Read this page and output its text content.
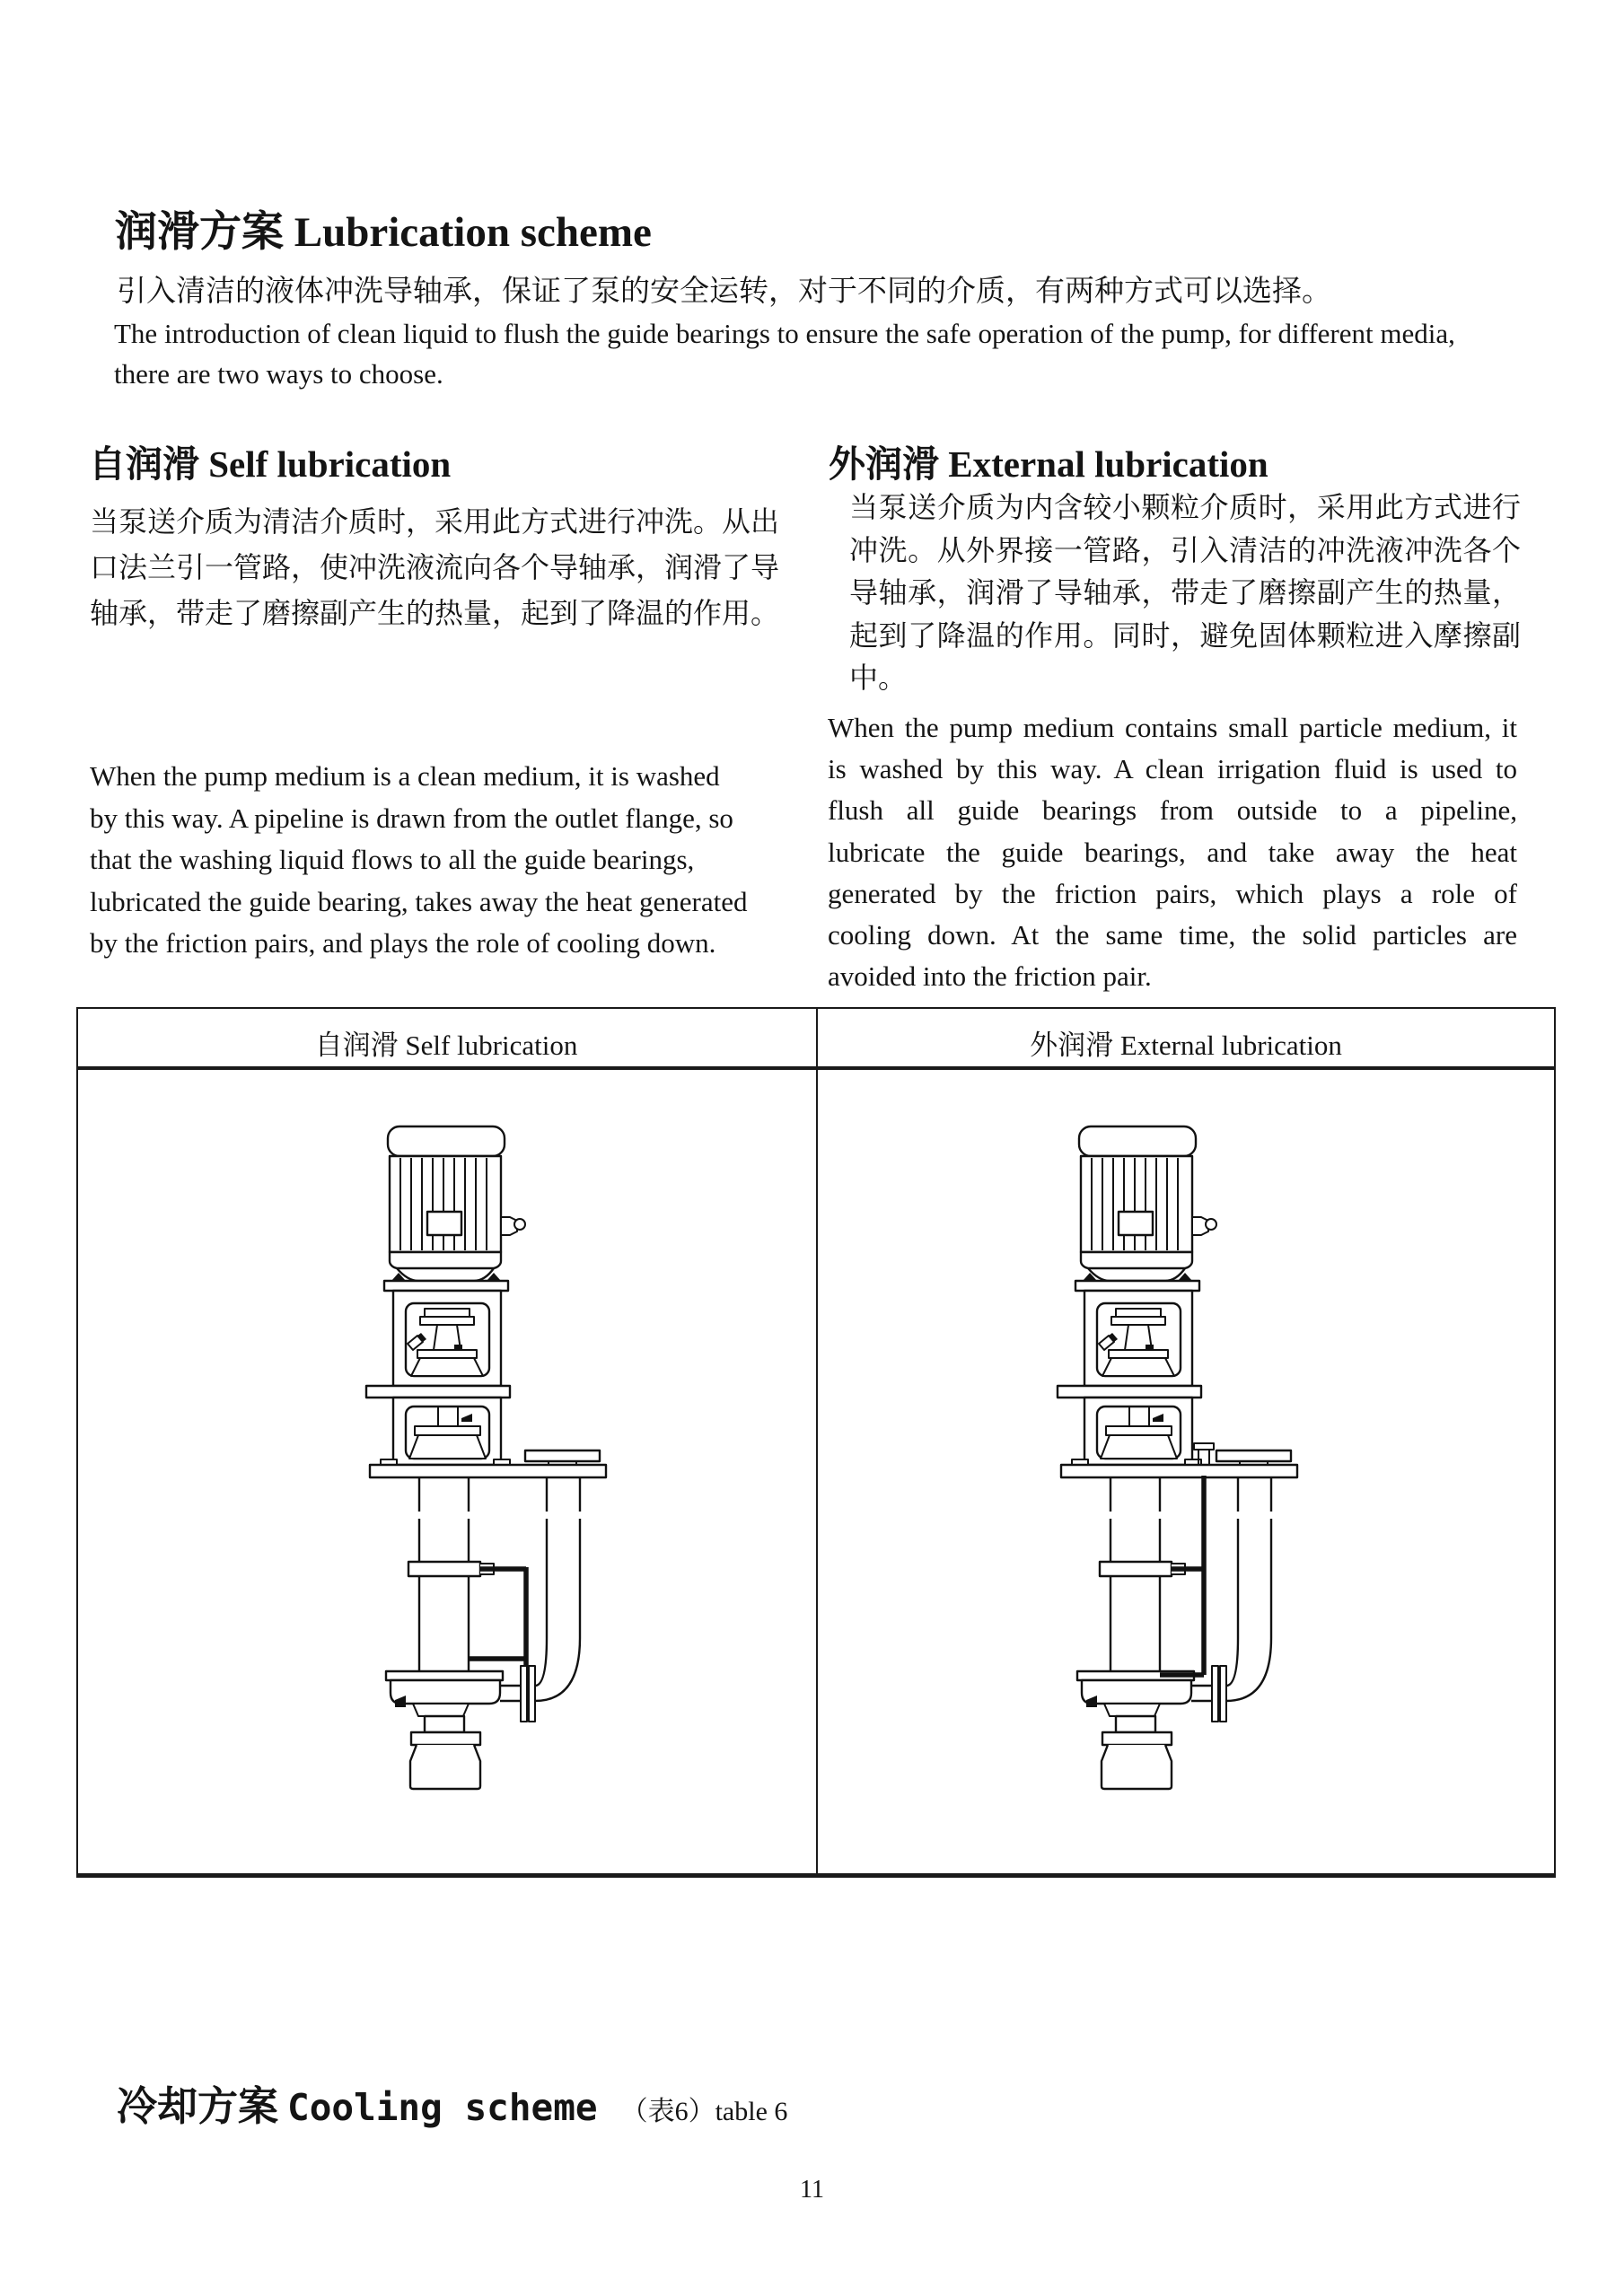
润滑方案 Lubrication scheme
引入清洁的液体冲洗导轴承，保证了泵的安全运转，对于不同的介质，有两种方式可以选择。
The introduction of clean liquid to flush the guide bearings to ensure the safe operation of the pump, for different media,
there are two ways to choose.
自润滑 Self lubrication	外润滑 External lubrication
当泵送介质为清洁介质时，采用此方式进行冲洗。从出
口法兰引一管路，使冲洗液流向各个导轴承，润滑了导
轴承，带走了磨擦副产生的热量，起到了降温的作用。
When the pump medium is a clean medium, it is washed
by this way. A pipeline is drawn from the outlet flange, so
that the washing liquid flows to all the guide bearings,
lubricated the guide bearing, takes away the heat generated
by the friction pairs, and plays the role of cooling down.
当泵送介质为内含较小颗粒介质时，采用此方式进行
冲洗。从外界接一管路，引入清洁的冲洗液冲洗各个
导轴承，润滑了导轴承，带走了磨擦副产生的热量，
起到了降温的作用。同时，避免固体颗粒进入摩擦副
中。
When the pump medium contains small particle medium, it
is washed by this way. A clean irrigation fluid is used to
flush all guide bearings from outside to a pipeline,
lubricate the guide bearings, and take away the heat
generated by the friction pairs, which plays a role of
cooling down. At the same time, the solid particles are
avoided into the friction pair.
自润滑 Self lubrication	外润滑 External lubrication
冷却方案 Cooling scheme （表6）table 6
11
